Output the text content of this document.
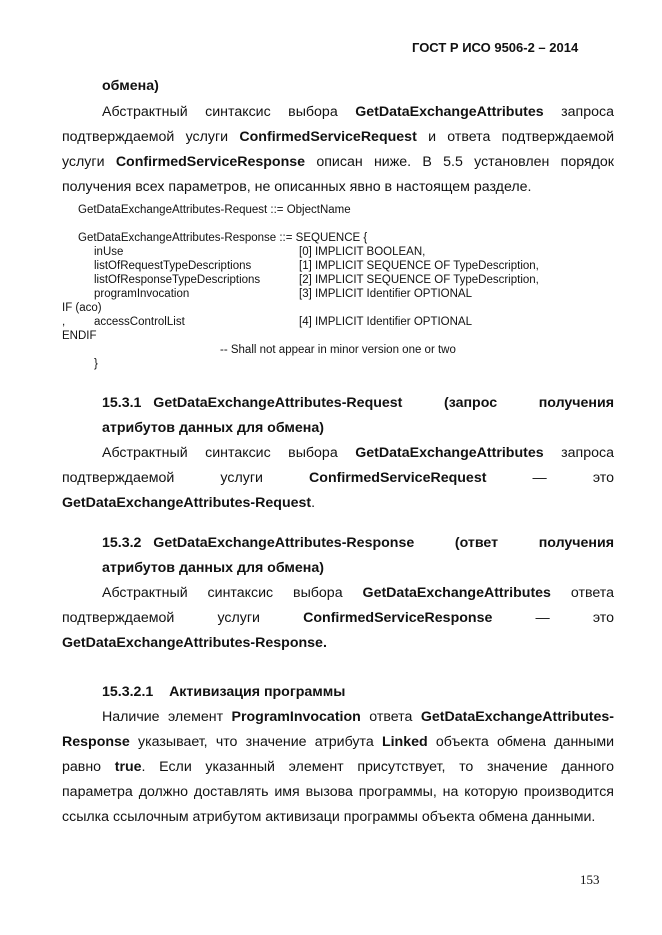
ГОСТ Р ИСО 9506-2 – 2014
обмена)
Абстрактный синтаксис выбора GetDataExchangeAttributes запроса
подтверждаемой услуги ConfirmedServiceRequest и ответа подтверждаемой
услуги ConfirmedServiceResponse описан ниже. В 5.5 установлен порядок
получения всех параметров, не описанных явно в настоящем разделе.
GetDataExchangeAttributes-Request ::= ObjectName
GetDataExchangeAttributes-Response ::= SEQUENCE {
inUse	[0] IMPLICIT BOOLEAN,
listOfRequestTypeDescriptions	[1] IMPLICIT SEQUENCE OF TypeDescription,
listOfResponseTypeDescriptions	[2] IMPLICIT SEQUENCE OF TypeDescription,
programInvocation	[3] IMPLICIT Identifier OPTIONAL
IF (aco)
,	accessControlList	[4] IMPLICIT Identifier OPTIONAL
ENDIF
-- Shall not appear in minor version one or two
}
15.3.1 GetDataExchangeAttributes-Request	(запрос	получения
атрибутов данных для обмена)
Абстрактный синтаксис выбора GetDataExchangeAttributes запроса
подтверждаемой	услуги	ConfirmedServiceRequest	—	это
GetDataExchangeAttributes-Request.
15.3.2 GetDataExchangeAttributes-Response	(ответ	получения
атрибутов данных для обмена)
Абстрактный синтаксис выбора GetDataExchangeAttributes ответа
подтверждаемой	услуги	ConfirmedServiceResponse	—	это
GetDataExchangeAttributes-Response.
15.3.2.1 Активизация программы
Наличие элемент ProgramInvocation ответа GetDataExchangeAttributes-
Response указывает, что значение атрибута Linked объекта обмена данными
равно true. Если указанный элемент присутствует, то значение данного
параметра должно доставлять имя вызова программы, на которую производится
ссылка ссылочным атрибутом активизаци программы объекта обмена данными.
153
